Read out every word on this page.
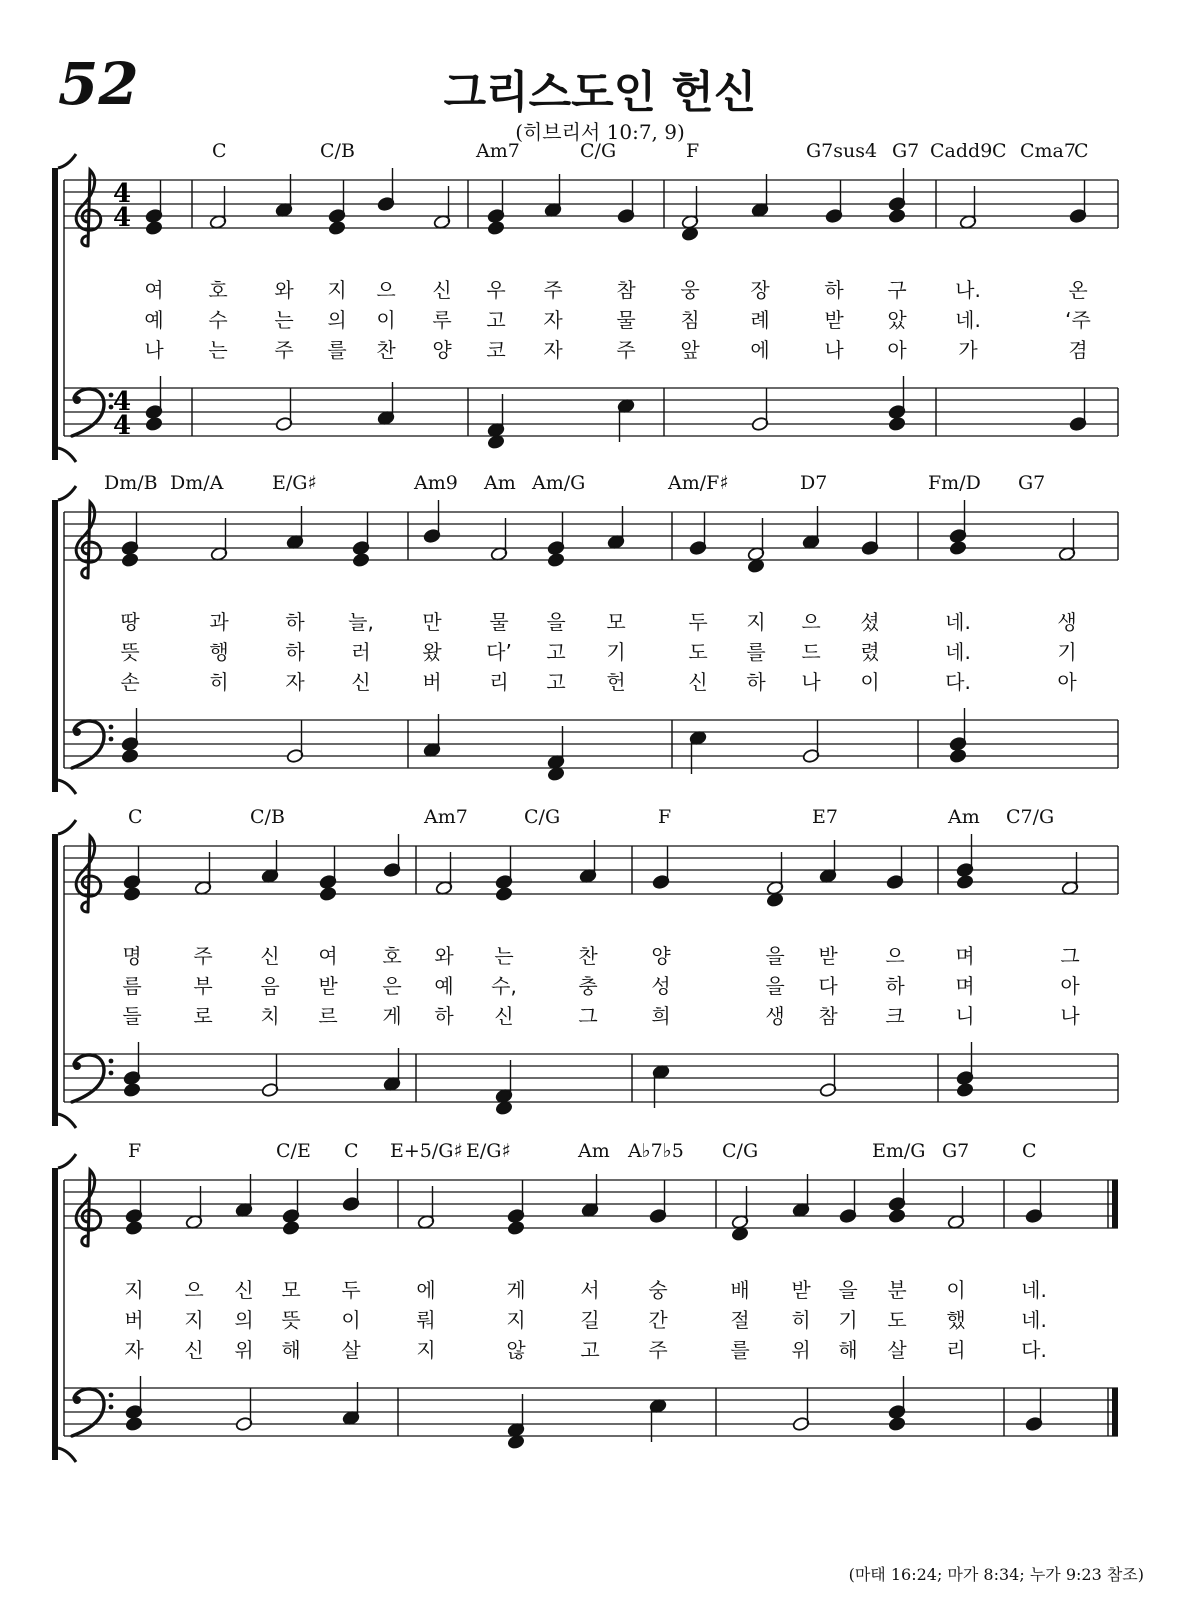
52	그리스도인 헌신
(히브리서 10:7, 9)
4
4
4
4
C	C/B	Am7	C/G	F	G7sus4 G7 Cadd9 C Cma7
C
여 호 와 지 으 신 우 주	참 웅	장	하 구 나.	온
예 수 는 의 이 루 고 자	물 침	례	받 았 네.	‘주
나 는 주 를 찬 양 코 자	주 앞	에	나 아	가	겸
Dm/B Dm/A	E/G♯	Am9 Am Am/G	Am/F♯	D7	Fm/D G7
땅	과	하 늘, 만 물 을 모	두 지 으 셨	네.	생
뜻	행	하 러	왔 다’ 고 기	도 를 드 렸	네.	기
손	히	자 신	버 리 고 헌	신 하 나 이	다.	아
C	C/B	Am7	C/G	F	E7	Am C7/G
명	주 신 여 호 와 는	찬	양	을 받 으	며	그
름	부 음 받 은 예 수,	충	성	을 다 하	며	아
들	로 치 르 게 하 신	그	희	생 참 크	니	나
F	C/E C E+5/G♯ E/G♯	Am A♭7♭5 C/G	Em/G G7	C
지 으 신 모 두	에	게	서 숭	배 받 을 분 이	네.
버 지 의 뜻 이	뤄	지	길 간	절 히 기 도 했	네.
자 신 위 해 살	지	않	고 주	를 위 해 살 리	다.
(마태 16:24; 마가 8:34; 누가 9:23 참조)
